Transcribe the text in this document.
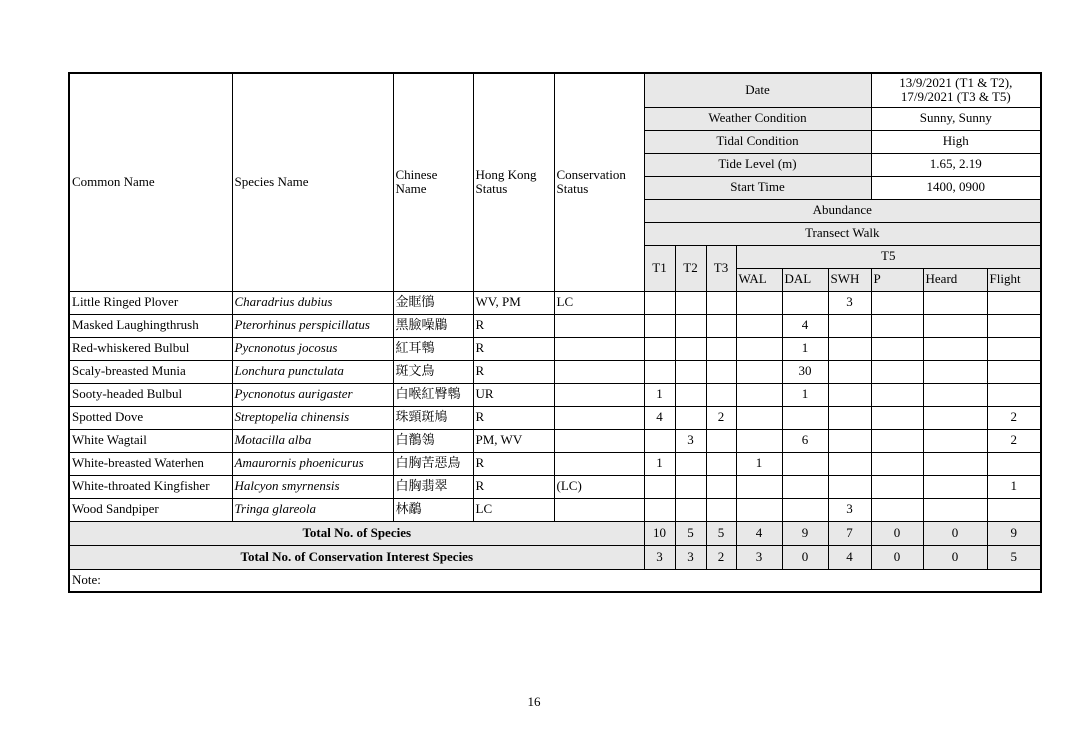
Common Name	Species Name	Chinese Name	Hong Kong Status	Conservation Status	Date						13/9/2021 (T1 & T2), 17/9/2021 (T3 & T5)		
					Weather Condition						Sunny, Sunny		
					Tidal Condition						High		
					Tide Level (m)						1.65, 2.19		
					Start Time						1400, 0900		
					Abundance								
					Transect Walk								
					T1	T2	T3	T5					
								WAL	DAL	SWH	P	Heard	Flight
Little Ringed Plover	Charadrius dubius	金眶鴴	WV, PM	LC						3			
Masked Laughingthrush	Pterorhinus perspicillatus	黑臉噪鶥	R						4				
Red-whiskered Bulbul	Pycnonotus jocosus	紅耳鵯	R						1				
Scaly-breasted Munia	Lonchura punctulata	斑文鳥	R						30				
Sooty-headed Bulbul	Pycnonotus aurigaster	白喉紅臀鵯	UR		1				1				
Spotted Dove	Streptopelia chinensis	珠頸斑鳩	R		4		2						2
White Wagtail	Motacilla alba	白鶺鴒	PM, WV			3			6				2
White-breasted Waterhen	Amaurornis phoenicurus	白胸苦惡鳥	R		1			1					
White-throated Kingfisher	Halcyon smyrnensis	白胸翡翠	R	(LC)									1
Wood Sandpiper	Tringa glareola	林鷸	LC							3			
Total No. of Species					10	5	5	4	9	7	0	0	9
Total No. of Conservation Interest Species					3	3	2	3	0	4	0	0	5
Note:													
16
